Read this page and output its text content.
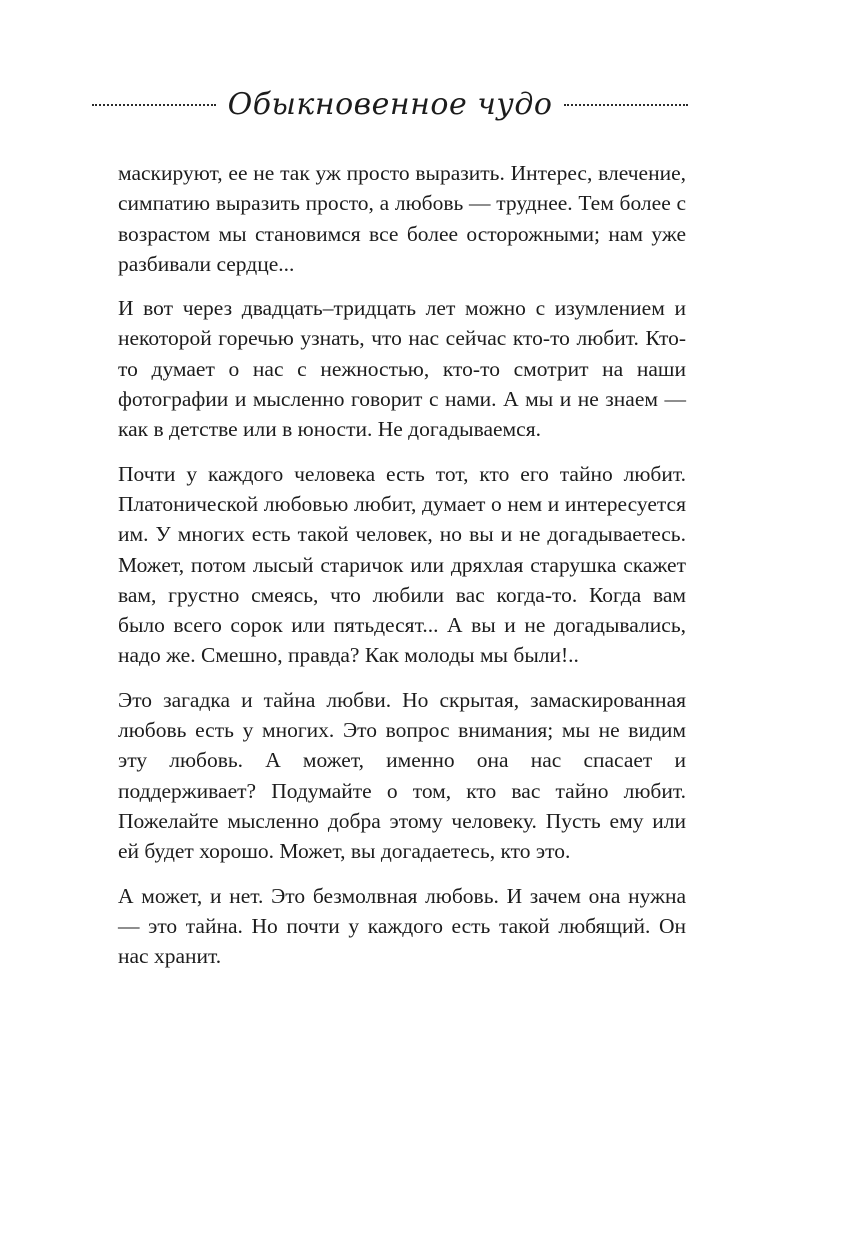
Обыкновенное чудо

маскируют, ее не так уж просто выразить. Интерес, влечение, симпатию выразить просто, а любовь — труднее. Тем более с возрастом мы становимся все более осторожными; нам уже разбивали сердце...

И вот через двадцать–тридцать лет можно с изумлением и некоторой горечью узнать, что нас сейчас кто-то любит. Кто-то думает о нас с нежностью, кто-то смотрит на наши фотографии и мысленно говорит с нами. А мы и не знаем — как в детстве или в юности. Не догадываемся.

Почти у каждого человека есть тот, кто его тайно любит. Платонической любовью любит, думает о нем и интересуется им. У многих есть такой человек, но вы и не догадываетесь. Может, потом лысый старичок или дряхлая старушка скажет вам, грустно смеясь, что любили вас когда-то. Когда вам было всего сорок или пятьдесят... А вы и не догадывались, надо же. Смешно, правда? Как молоды мы были!..

Это загадка и тайна любви. Но скрытая, замаскированная любовь есть у многих. Это вопрос внимания; мы не видим эту любовь. А может, именно она нас спасает и поддерживает? Подумайте о том, кто вас тайно любит. Пожелайте мысленно добра этому человеку. Пусть ему или ей будет хорошо. Может, вы догадаетесь, кто это.

А может, и нет. Это безмолвная любовь. И зачем она нужна — это тайна. Но почти у каждого есть такой любящий. Он нас хранит.
